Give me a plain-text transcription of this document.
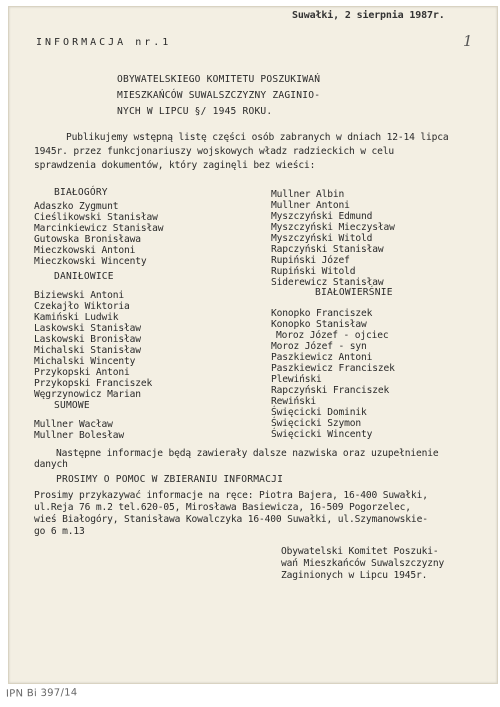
Suwałki, 2 sierpnia 1987r.
INFORMACJA nr.1	1
OBYWATELSKIEGO KOMITETU POSZUKIWAŃ
MIESZKAŃCÓW SUWALSZCZYZNY ZAGINIO-
NYCH W LIPCU §/ 1945 ROKU.
Publikujemy wstępną listę części osób zabranych w dniach 12-14 lipca
1945r. przez funkcjonariuszy wojskowych władz radzieckich w celu
sprawdzenia dokumentów, który zaginęli bez wieści:
BIAŁOGÓRY
Adaszko Zygmunt
Cieślikowski Stanisław
Marcinkiewicz Stanisław
Gutowska Bronisława
Mieczkowski Antoni
Mieczkowski Wincenty
DANIŁOWICE
Biziewski Antoni
Czekajło Wiktoria
Kamiński Ludwik
Laskowski Stanisław
Laskowski Bronisław
Michalski Stanisław
Michalski Wincenty
Przykopski Antoni
Przykopski Franciszek
Węgrzynowicz Marian
SUMOWE
Mullner Wacław
Mullner Bolesław
Mullner Albin
Mullner Antoni
Myszczyński Edmund
Myszczyński Mieczysław
Myszczyński Witold
Rapczyński Stanisław
Rupiński Józef
Rupiński Witold
Siderewicz Stanisław
BIAŁOWIERŚNIE
Konopko Franciszek
Konopko Stanisław
Moroz Józef - ojciec
Moroz Józef - syn
Paszkiewicz Antoni
Paszkiewicz Franciszek
Plewiński
Rapczyński Franciszek
Rewiński
Święcicki Dominik
Święcicki Szymon
Święcicki Wincenty
Następne informacje będą zawierały dalsze nazwiska oraz uzupełnienie
danych
PROSIMY O POMOC W ZBIERANIU INFORMACJI
Prosimy przykazywać informacje na ręce: Piotra Bajera, 16-400 Suwałki,
ul.Reja 76 m.2 tel.620-05, Mirosława Basiewicza, 16-509 Pogorzelec,
wieś Białogóry, Stanisława Kowalczyka 16-400 Suwałki, ul.Szymanowskie-
go 6 m.13
Obywatelski Komitet Poszuki-
wań Mieszkańców Suwalszczyzny
Zaginionych w Lipcu 1945r.
IPN Bi 397/14
